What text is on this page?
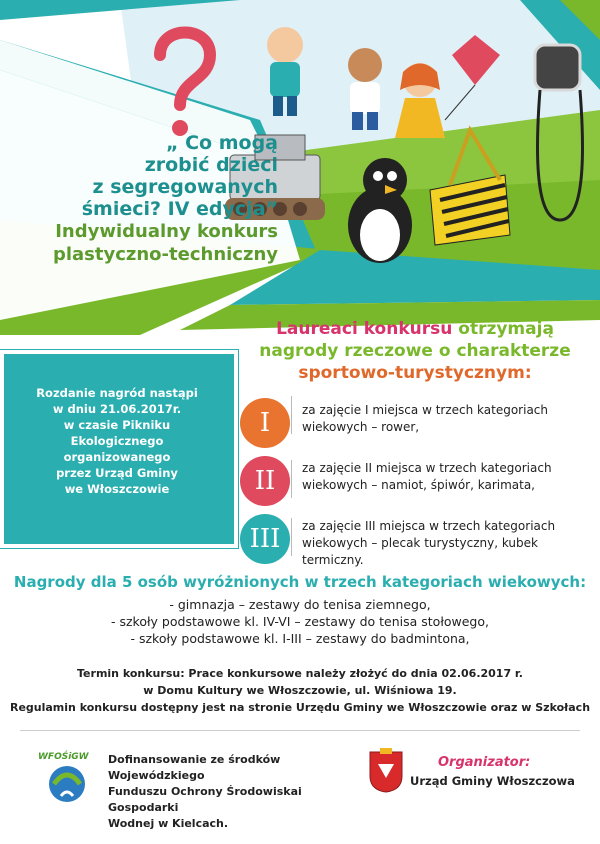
„ Co mogą
zrobić dzieci
z segregowanych
śmieci? IV edycja”
Indywidualny konkurs
plastyczno-techniczny
Laureaci konkursu otrzymają
nagrody rzeczowe o charakterze
sportowo-turystycznym:
Rozdanie nagród nastąpi
w dniu 21.06.2017r.
w czasie Pikniku
Ekologicznego organizowanego
przez Urząd Gminy
we Włoszczowie
I	za zajęcie I miejsca w trzech kategoriach wiekowych – rower,
II	za zajęcie II miejsca w trzech kategoriach wiekowych – namiot, śpiwór, karimata,
III	za zajęcie III miejsca w trzech kategoriach wiekowych – plecak turystyczny, kubek termiczny.
Nagrody dla 5 osób wyróżnionych w trzech kategoriach wiekowych:
- gimnazja – zestawy do tenisa ziemnego,
- szkoły podstawowe kl. IV-VI – zestawy do tenisa stołowego,
- szkoły podstawowe kl. I-III – zestawy do badmintona,
Termin konkursu: Prace konkursowe należy złożyć do dnia 02.06.2017 r.
w Domu Kultury we Włoszczowie, ul. Wiśniowa 19.
Regulamin konkursu dostępny jest na stronie Urzędu Gminy we Włoszczowie oraz w Szkołach
WFOŚiGW Dofinansowanie ze środków Wojewódzkiego
Funduszu Ochrony Środowiskai Gospodarki
Wodnej w Kielcach.
Organizator:
Urząd Gminy Włoszczowa
